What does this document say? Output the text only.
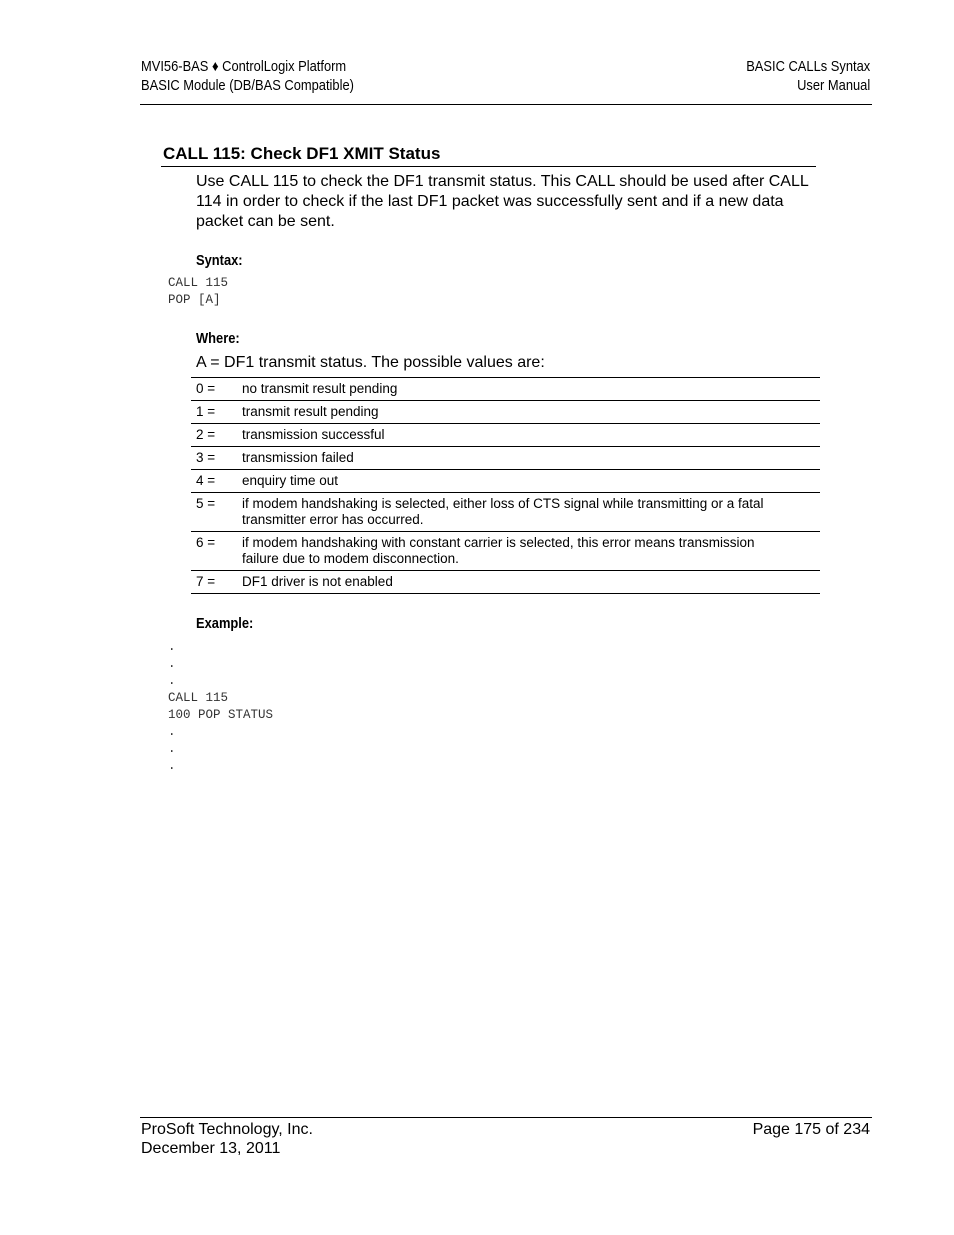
MVI56-BAS ♦ ControlLogix Platform
BASIC Module (DB/BAS Compatible)
BASIC CALLs Syntax
User Manual
CALL 115: Check DF1 XMIT Status
Use CALL 115 to check the DF1 transmit status. This CALL should be used after CALL 114 in order to check if the last DF1 packet was successfully sent and if a new data packet can be sent.
Syntax:
CALL 115
POP [A]
Where:
A = DF1 transmit status. The possible values are:
0 =	no transmit result pending
1 =	transmit result pending
2 =	transmission successful
3 =	transmission failed
4 =	enquiry time out
5 =	if modem handshaking is selected, either loss of CTS signal while transmitting or a fatal transmitter error has occurred.
6 =	if modem handshaking with constant carrier is selected, this error means transmission failure due to modem disconnection.
7 =	DF1 driver is not enabled
Example:
.
.
.
CALL 115
100 POP STATUS
.
.
.
ProSoft Technology, Inc.
December 13, 2011
Page 175 of 234
